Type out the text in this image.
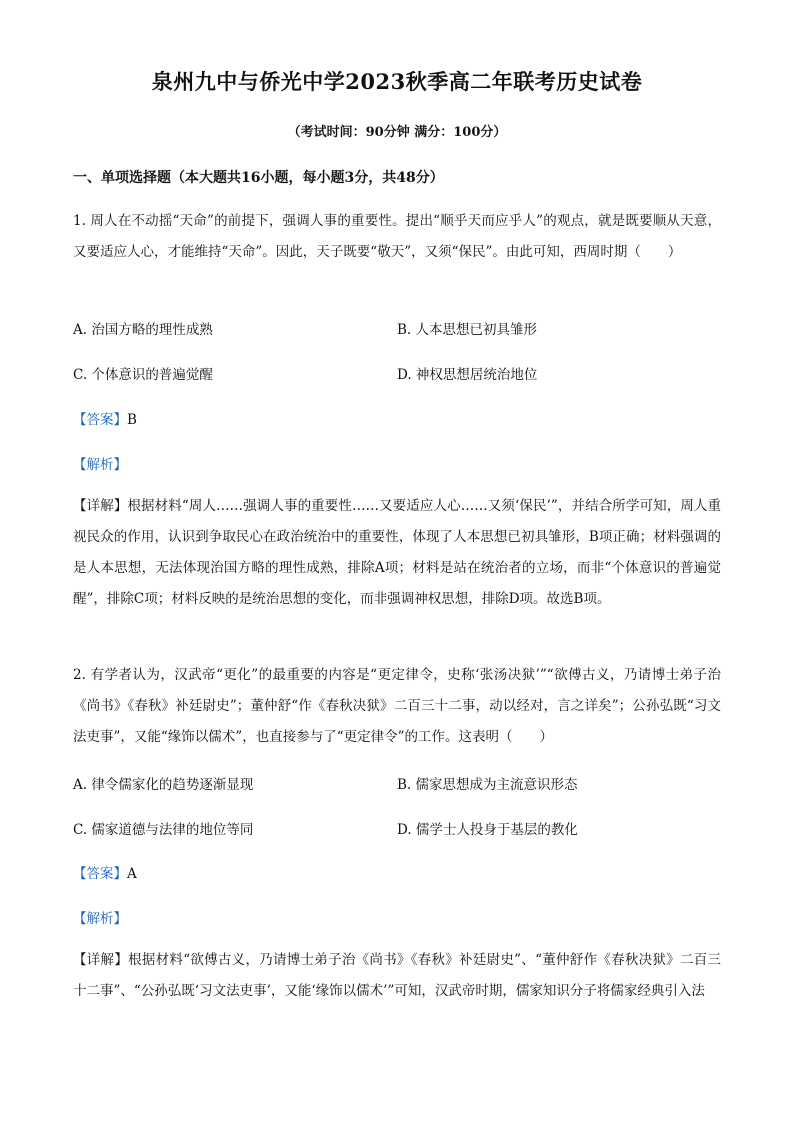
泉州九中与侨光中学2023秋季高二年联考历史试卷
（考试时间：90分钟 满分：100分）
一、单项选择题（本大题共16小题，每小题3分，共48分）
1. 周人在不动摇“天命”的前提下，强调人事的重要性。提出“顺乎天而应乎人”的观点，就是既要顺从天意，又要适应人心，才能维持“天命”。因此，天子既要“敬天”，又须“保民”。由此可知，西周时期（　　）
A. 治国方略的理性成熟	B. 人本思想已初具雏形
C. 个体意识的普遍觉醒	D. 神权思想居统治地位
【答案】B
【解析】
【详解】根据材料“周人……强调人事的重要性……又要适应人心……又须‘保民’”，并结合所学可知，周人重视民众的作用，认识到争取民心在政治统治中的重要性，体现了人本思想已初具雏形，B项正确；材料强调的是人本思想，无法体现治国方略的理性成熟，排除A项；材料是站在统治者的立场，而非“个体意识的普遍觉醒”，排除C项；材料反映的是统治思想的变化，而非强调神权思想，排除D项。故选B项。
2. 有学者认为，汉武帝“更化”的最重要的内容是“更定律令，史称‘张汤决狱’”“欲傅古义，乃请博士弟子治《尚书》《春秋》补廷尉史”；董仲舒“作《春秋决狱》二百三十二事，动以经对，言之详矣”；公孙弘既“习文法吏事”，又能“缘饰以儒术”，也直接参与了“更定律令”的工作。这表明（　　）
A. 律令儒家化的趋势逐渐显现	B. 儒家思想成为主流意识形态
C. 儒家道德与法律的地位等同	D. 儒学士人投身于基层的教化
【答案】A
【解析】
【详解】根据材料“欲傅古义，乃请博士弟子治《尚书》《春秋》补廷尉史”、“董仲舒作《春秋决狱》二百三十二事”、“公孙弘既‘习文法吏事’，又能‘缘饰以儒术’”可知，汉武帝时期，儒家知识分子将儒家经典引入法
